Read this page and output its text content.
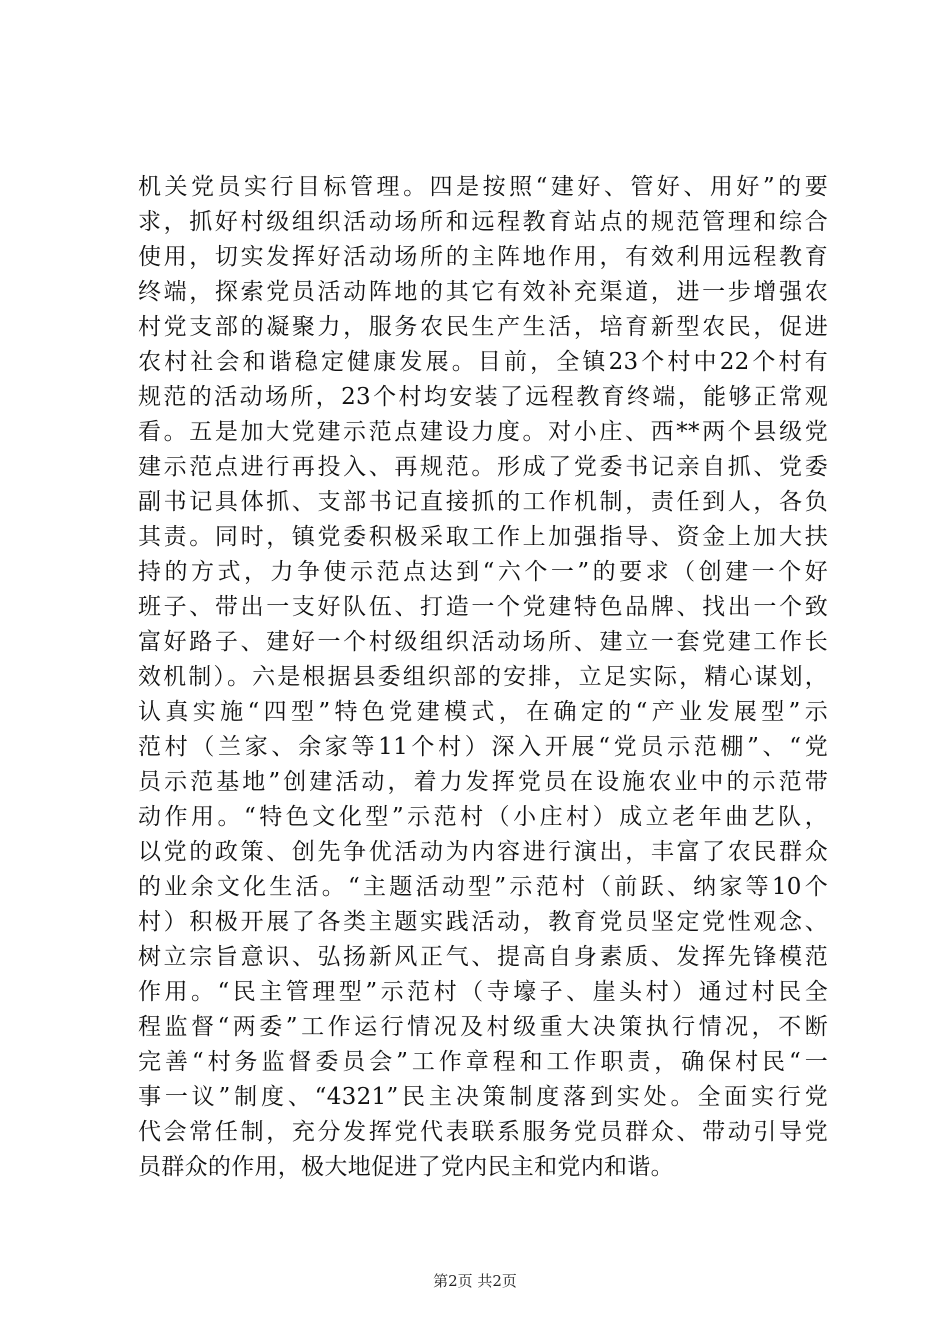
机关党员实行目标管理。四是按照“建好、管好、用好”的要
求，抓好村级组织活动场所和远程教育站点的规范管理和综合
使用，切实发挥好活动场所的主阵地作用，有效利用远程教育
终端，探索党员活动阵地的其它有效补充渠道，进一步增强农
村党支部的凝聚力，服务农民生产生活，培育新型农民，促进
农村社会和谐稳定健康发展。目前，全镇23个村中22个村有
规范的活动场所，23个村均安装了远程教育终端，能够正常观
看。五是加大党建示范点建设力度。对小庄、西**两个县级党
建示范点进行再投入、再规范。形成了党委书记亲自抓、党委
副书记具体抓、支部书记直接抓的工作机制，责任到人，各负
其责。同时，镇党委积极采取工作上加强指导、资金上加大扶
持的方式，力争使示范点达到“六个一”的要求（创建一个好
班子、带出一支好队伍、打造一个党建特色品牌、找出一个致
富好路子、建好一个村级组织活动场所、建立一套党建工作长
效机制）。六是根据县委组织部的安排，立足实际，精心谋划，
认真实施“四型”特色党建模式，在确定的“产业发展型”示
范村（兰家、余家等11个村）深入开展“党员示范棚”、“党
员示范基地”创建活动，着力发挥党员在设施农业中的示范带
动作用。“特色文化型”示范村（小庄村）成立老年曲艺队，
以党的政策、创先争优活动为内容进行演出，丰富了农民群众
的业余文化生活。“主题活动型”示范村（前跃、纳家等10个
村）积极开展了各类主题实践活动，教育党员坚定党性观念、
树立宗旨意识、弘扬新风正气、提高自身素质、发挥先锋模范
作用。“民主管理型”示范村（寺壕子、崖头村）通过村民全
程监督“两委”工作运行情况及村级重大决策执行情况，不断
完善“村务监督委员会”工作章程和工作职责，确保村民“一
事一议”制度、“4321”民主决策制度落到实处。全面实行党
代会常任制，充分发挥党代表联系服务党员群众、带动引导党
员群众的作用，极大地促进了党内民主和党内和谐。
第2页 共2页
